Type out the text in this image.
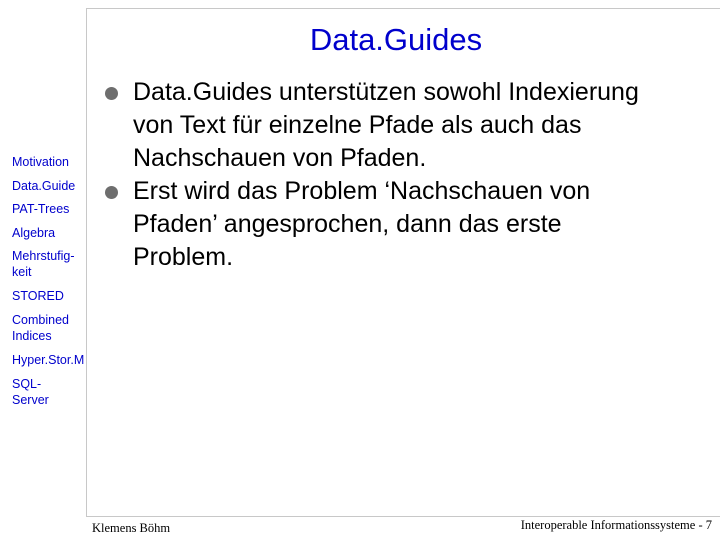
Data.Guides
Data.Guides unterstützen sowohl Indexierung von Text für einzelne Pfade als auch das Nachschauen von Pfaden.
Erst wird das Problem ‘Nachschauen von Pfaden’ angesprochen, dann das erste Problem.
Motivation
Data.Guide
PAT-Trees
Algebra
Mehrstufig-
keit
STORED
Combined
Indices
Hyper.Stor.M
SQL-
Server
Klemens Böhm	Interoperable Informationssysteme - 7
